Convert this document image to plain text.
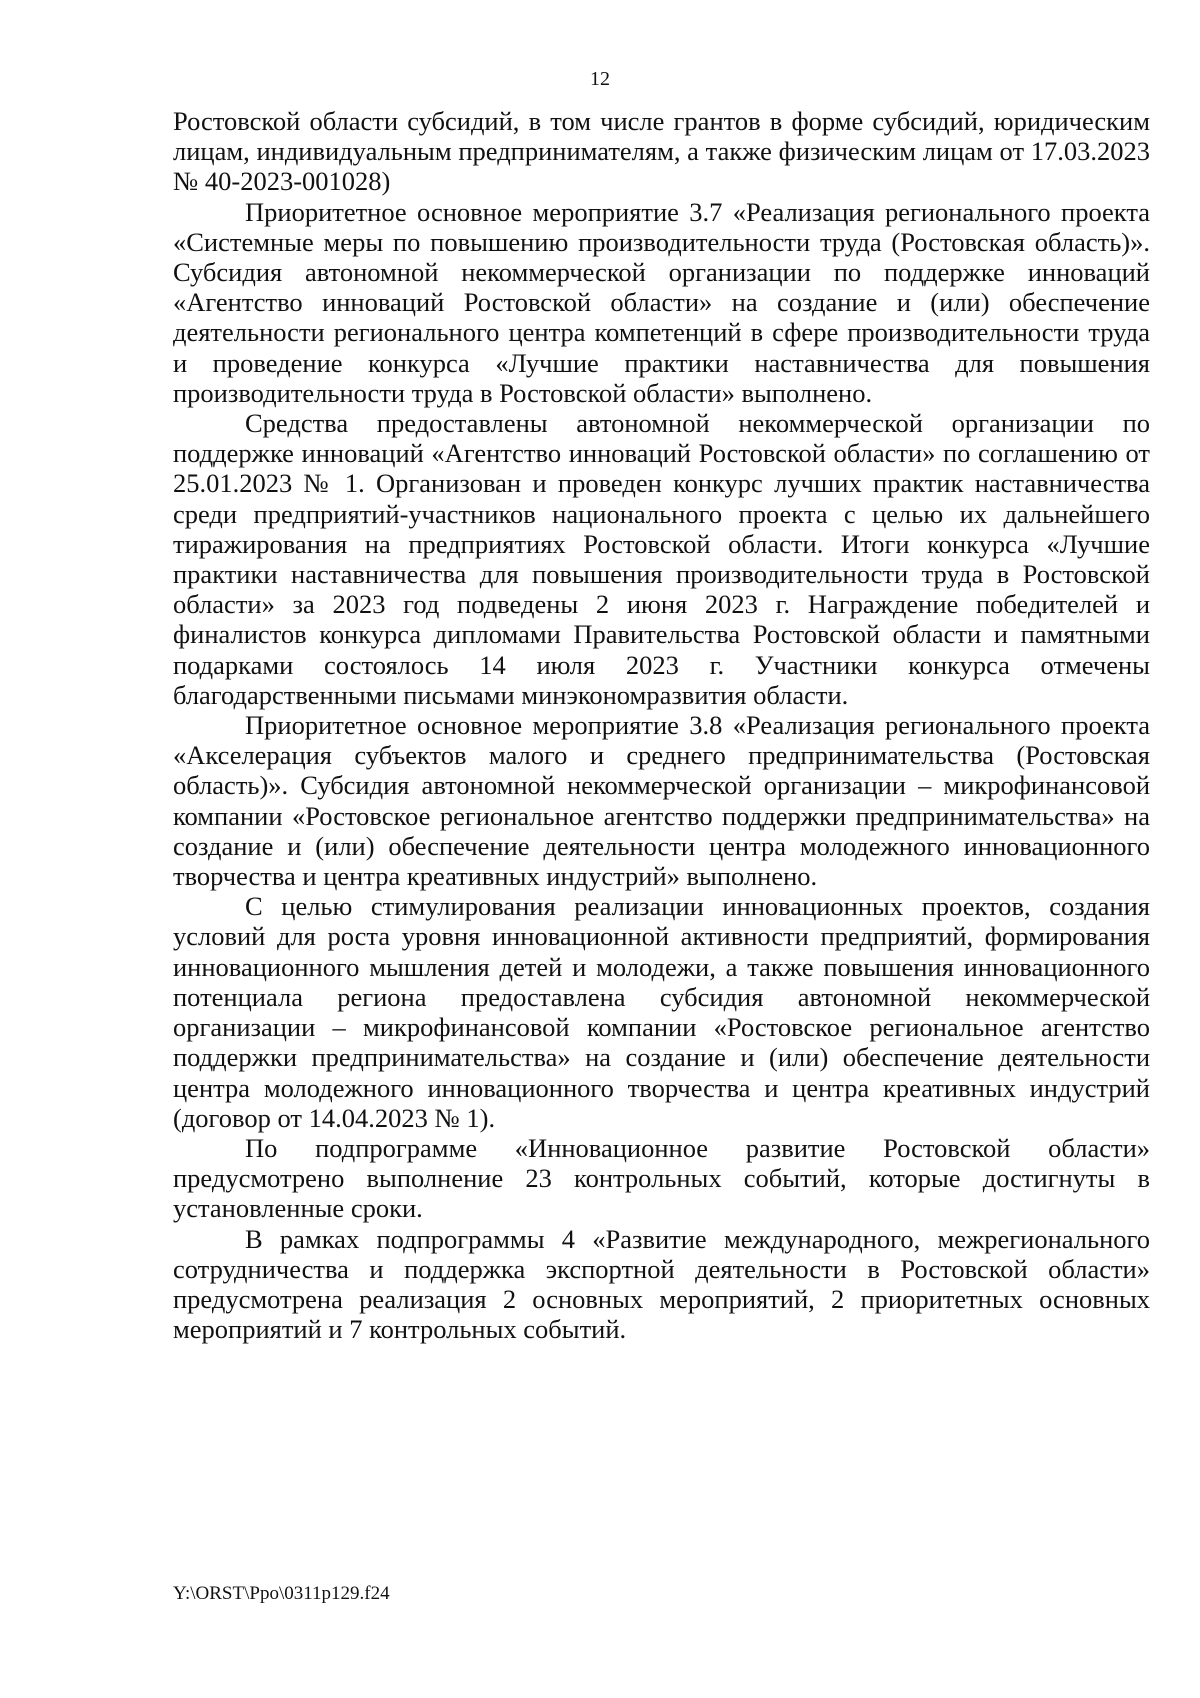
12

Ростовской области субсидий, в том числе грантов в форме субсидий, юридическим лицам, индивидуальным предпринимателям, а также физическим лицам от 17.03.2023 № 40-2023-001028)

Приоритетное основное мероприятие 3.7 «Реализация регионального проекта «Системные меры по повышению производительности труда (Ростовская область)». Субсидия автономной некоммерческой организации по поддержке инноваций «Агентство инноваций Ростовской области» на создание и (или) обеспечение деятельности регионального центра компетенций в сфере производительности труда и проведение конкурса «Лучшие практики наставничества для повышения производительности труда в Ростовской области» выполнено.

Средства предоставлены автономной некоммерческой организации по поддержке инноваций «Агентство инноваций Ростовской области» по соглашению от 25.01.2023 № 1. Организован и проведен конкурс лучших практик наставничества среди предприятий-участников национального проекта с целью их дальнейшего тиражирования на предприятиях Ростовской области. Итоги конкурса «Лучшие практики наставничества для повышения производительности труда в Ростовской области» за 2023 год подведены 2 июня 2023 г. Награждение победителей и финалистов конкурса дипломами Правительства Ростовской области и памятными подарками состоялось 14 июля 2023 г. Участники конкурса отмечены благодарственными письмами минэкономразвития области.

Приоритетное основное мероприятие 3.8 «Реализация регионального проекта «Акселерация субъектов малого и среднего предпринимательства (Ростовская область)». Субсидия автономной некоммерческой организации – микрофинансовой компании «Ростовское региональное агентство поддержки предпринимательства» на создание и (или) обеспечение деятельности центра молодежного инновационного творчества и центра креативных индустрий» выполнено.

С целью стимулирования реализации инновационных проектов, создания условий для роста уровня инновационной активности предприятий, формирования инновационного мышления детей и молодежи, а также повышения инновационного потенциала региона предоставлена субсидия автономной некоммерческой организации – микрофинансовой компании «Ростовское региональное агентство поддержки предпринимательства» на создание и (или) обеспечение деятельности центра молодежного инновационного творчества и центра креативных индустрий (договор от 14.04.2023 № 1).

По подпрограмме «Инновационное развитие Ростовской области» предусмотрено выполнение 23 контрольных событий, которые достигнуты в установленные сроки.

В рамках подпрограммы 4 «Развитие международного, межрегионального сотрудничества и поддержка экспортной деятельности в Ростовской области» предусмотрена реализация 2 основных мероприятий, 2 приоритетных основных мероприятий и 7 контрольных событий.

Y:\ORST\Ppo\0311p129.f24
